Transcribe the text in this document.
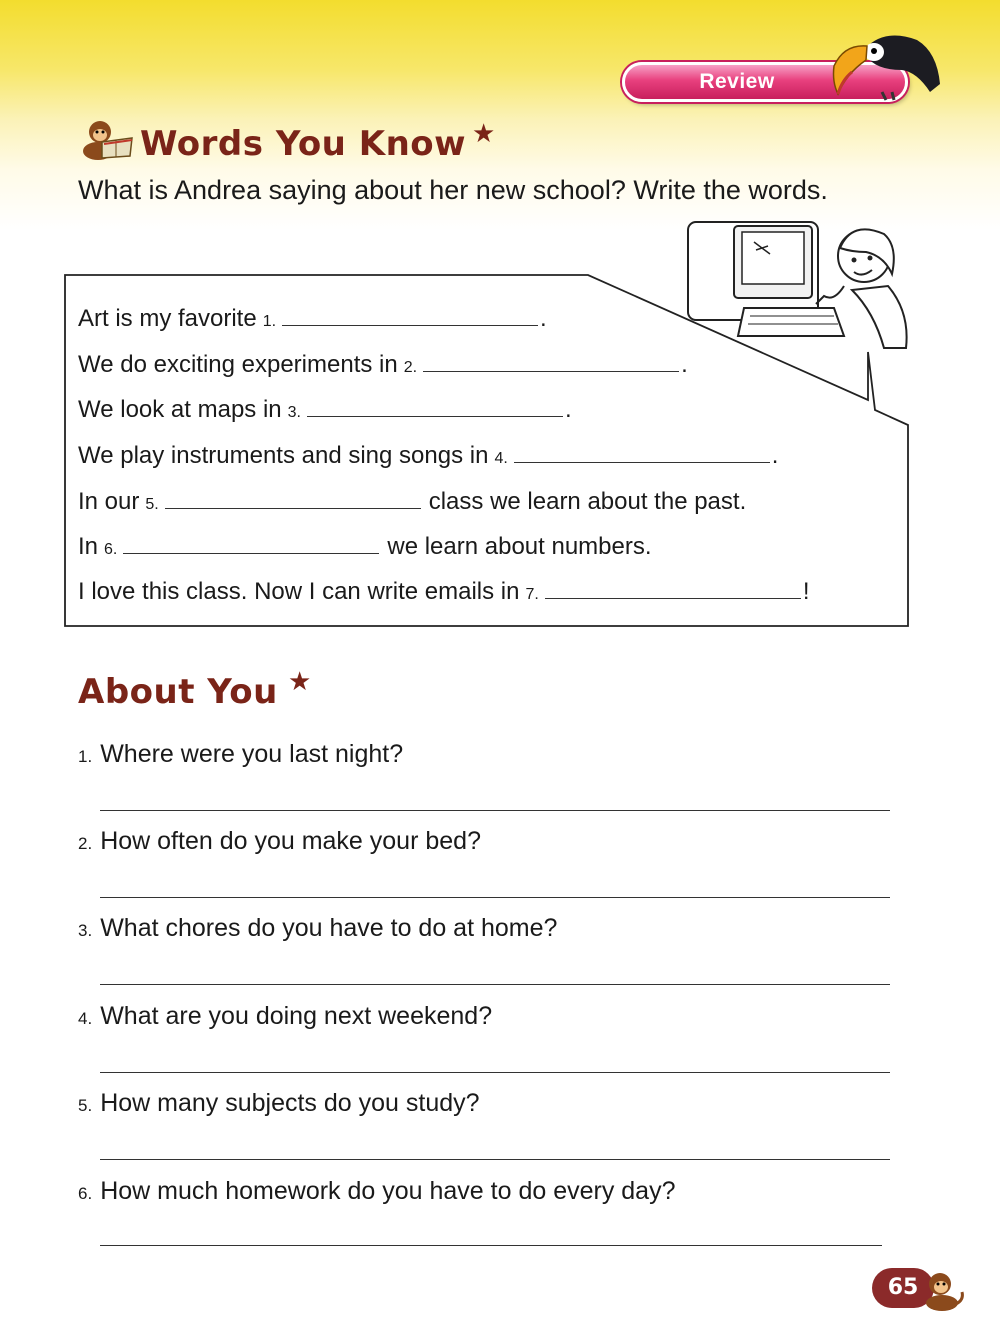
Review
Words You Know ★
What is Andrea saying about her new school? Write the words.
Art is my favorite 1.	.
We do exciting experiments in 2.	.
We look at maps in 3.	.
We play instruments and sing songs in 4.	.
In our 5.	class we learn about the past.
In 6.	we learn about numbers.
I love this class. Now I can write emails in 7.	!
About You ★
1. Where were you last night?
2. How often do you make your bed?
3. What chores do you have to do at home?
4. What are you doing next weekend?
5. How many subjects do you study?
6. How much homework do you have to do every day?
65
